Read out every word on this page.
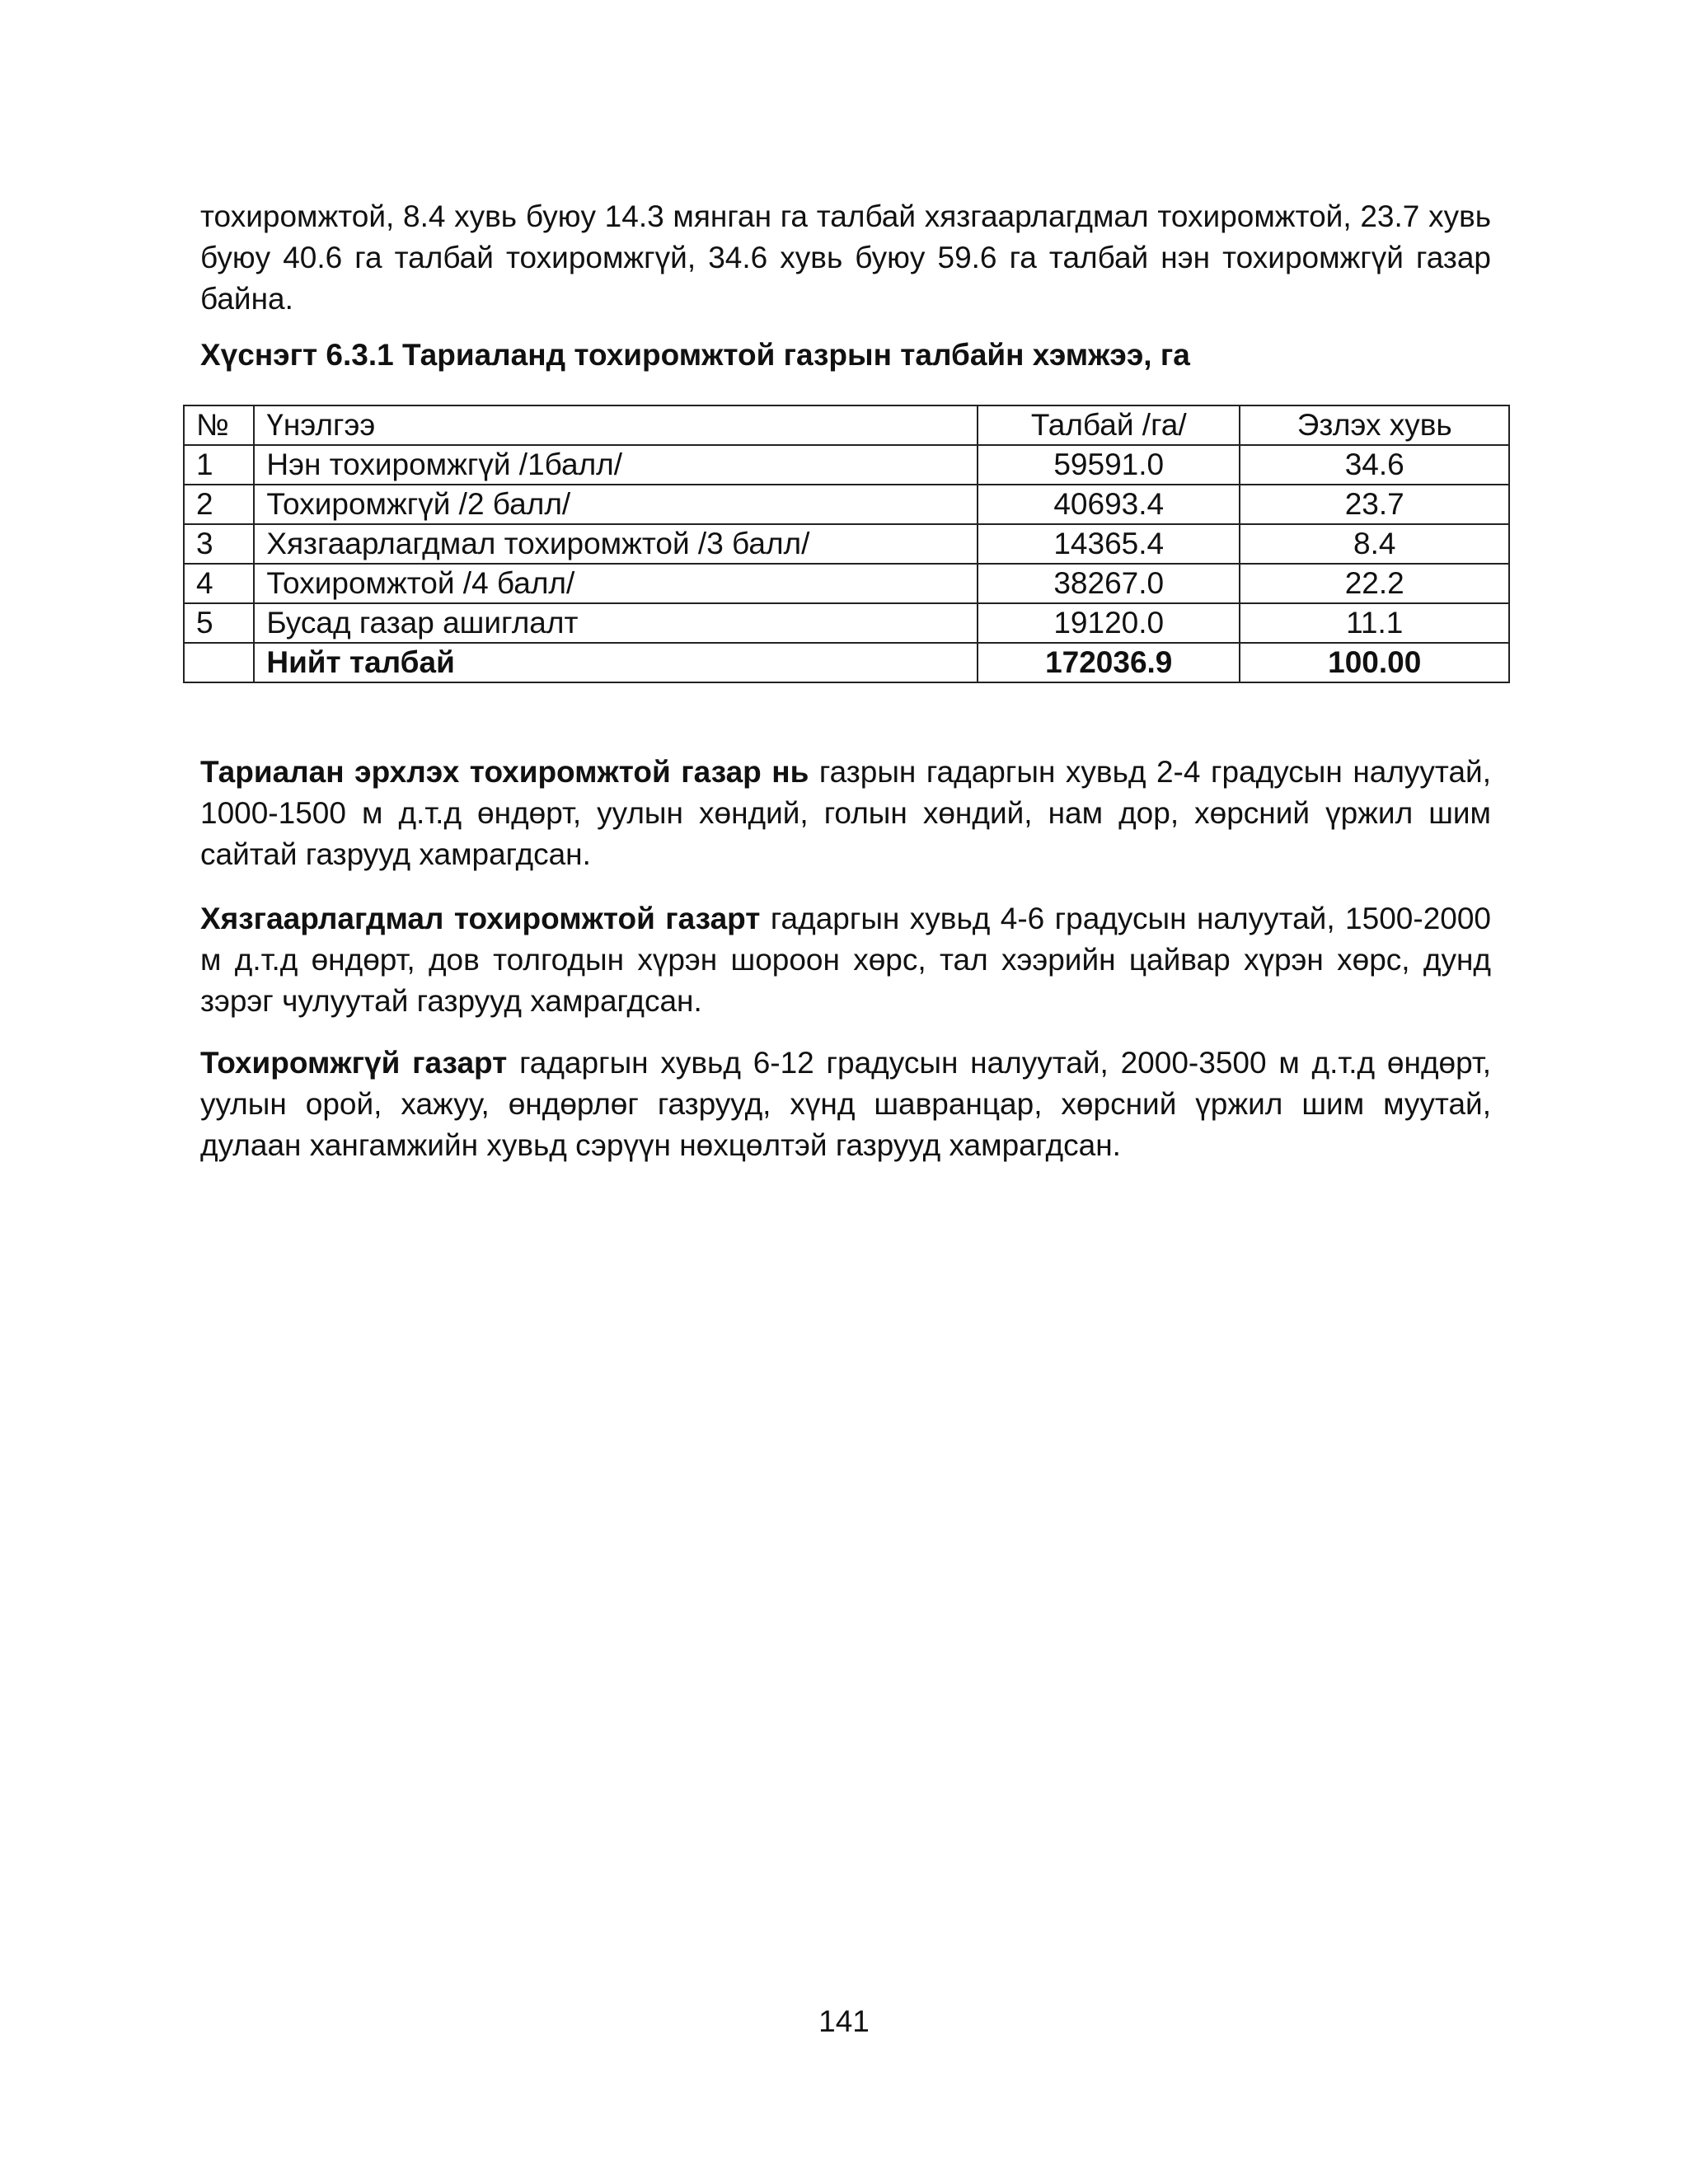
тохиромжтой, 8.4 хувь буюу 14.3 мянган га талбай хязгаарлагдмал тохиромжтой, 23.7 хувь буюу 40.6 га талбай тохиромжгүй, 34.6 хувь буюу 59.6 га талбай нэн тохиромжгүй газар байна.

Хүснэгт 6.3.1 Тариаланд тохиромжтой газрын талбайн хэмжээ, га

№	Үнэлгээ	Талбай /га/	Эзлэх хувь
1	Нэн тохиромжгүй /1балл/	59591.0	34.6
2	Тохиромжгүй /2 балл/	40693.4	23.7
3	Хязгаарлагдмал тохиромжтой /3 балл/	14365.4	8.4
4	Тохиромжтой /4 балл/	38267.0	22.2
5	Бусад газар ашиглалт	19120.0	11.1
	Нийт талбай	172036.9	100.00

Тариалан эрхлэх тохиромжтой газар нь газрын гадаргын хувьд 2-4 градусын налуутай, 1000-1500 м д.т.д өндөрт, уулын хөндий, голын хөндий, нам дор, хөрсний үржил шим сайтай газрууд хамрагдсан.

Хязгаарлагдмал тохиромжтой газарт гадаргын хувьд 4-6 градусын налуутай, 1500-2000 м д.т.д өндөрт, дов толгодын хүрэн шороон хөрс, тал хээрийн цайвар хүрэн хөрс, дунд зэрэг чулуутай газрууд хамрагдсан.

Тохиромжгүй газарт гадаргын хувьд 6-12 градусын налуутай, 2000-3500 м д.т.д өндөрт, уулын орой, хажуу, өндөрлөг газрууд, хүнд шавранцар, хөрсний үржил шим муутай, дулаан хангамжийн хувьд сэрүүн нөхцөлтэй газрууд хамрагдсан.

141
